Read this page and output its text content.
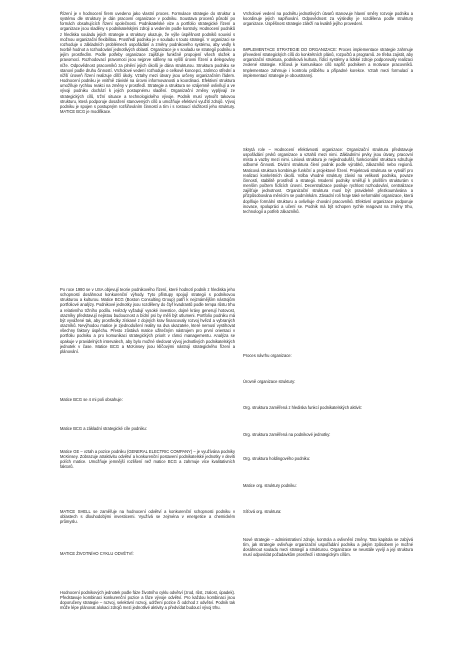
Řízení je v hodnocení firem uvedeno jako vlastní proces. Formulace strategie do struktur a systému dle struktury je dán pracovní organizace v podniku. Soustava procesů působí po formách obsahujících řízení společnosti. Podnikatelské vize a portfolio strategické řízení a organizace jsou sladěny s podnikatelskými zdroji a vedením podle kontroly. Hodnocení podniků z hlediska souladu jejich strategie a struktury ukazuje, že výše úspěšnost podniků souvisí s možnou organizační flexibilitou. Prostředí podniku je v souladu s touto strategií. V organizaci se rozhoduje o základních problémech uspořádání a změny podnikového systému, aby vedly k tvorbě hodnot a rozhodování jednotlivých oblastí. Organizace je v souladu se strategií podniku a jejím prostředím. Podle potřeby organizace zajišťuje funkčně propojení všech složek a pravomocí. Rozhodovací pravomoci jsou nejprve sdíleny na vyšší úrovni řízení a delegovány níže. Odpovědnost pracovníků za plnění jejich úkolů je dána strukturou. Struktura podniku se stanoví podle druhu činností. Vrcholové vedení rozhoduje o celkové koncepci, zatímco střední a nižší úroveň řízení realizuje dílčí úkoly. Vztahy mezi útvary jsou určeny organizačním řádem. Hodnocení podniku je vnitřně závislé na úrovni informovanosti a koordinaci. Efektivní struktura umožňuje rychlou reakci na změny v prostředí. Strategie a struktura se vzájemně ovlivňují a ve vývoji podniku dochází k jejich postupnému sladění. Organizační změny vyplývají ze strategických cílů, tržní situace a technologického vývoje. Podnik musí vytvořit takovou strukturu, která podporuje dosažení stanovených cílů a umožňuje efektivní využití zdrojů. Vývoj podniku je spojen s postupným rozšiřováním činností a tím i s rostoucí složitostí jeho struktury. MATICE BCG je modifikace.
Po roce 1980 se v USA objevují teorie podnikového řízení, které hodnotí podnik z hlediska jeho schopnosti dosáhnout konkurenční výhody. Tyto přístupy spojují strategii s podnikovou strukturou a kulturou. Matice BCG (Boston Consulting Group) patří k nejznámějším nástrojům portfoliové analýzy. Podnikové jednotky jsou rozděleny do čtyř kvadrantů podle tempa růstu trhu a relativního tržního podílu. Hvězdy vyžadují vysoké investice, dojné krávy generují hotovost, otazníky představují nejistou budoucnost a bídní psi by měli být utlumeni. Portfolio podniku má být vyvážené tak, aby prostředky získané z dojných krav financovaly rozvoj hvězd a vybraných otazníků. Nevýhodou matice je zjednodušení reality na dva ukazatele, které nemusí vystihovat všechny faktory úspěchu. Přesto zůstává matice užitečným nástrojem pro první orientaci v portfoliu podniku a pro komunikaci strategických priorit v rámci managementu. Analýza se opakuje v pravidelných intervalech, aby bylo možné sledovat vývoj jednotlivých podnikatelských jednotek v čase. Matice BCG a McKinsey jsou klíčovými nástroji strategického řízení a plánování.
Matice BCG se 4 mi poli obsahuje:
Matice BCG a základní strategické cíle podniku:
Matice GE – vztah a pozice podniku (GENERAL ELECTRIC COMPANY) – je využívána podniky McKinsey. Zobrazuje atraktivitu odvětví a konkurenční postavení podnikatelské jednotky v devíti polích matice. Umožňuje jemnější rozlišení než matice BCG a zahrnuje více kvalitativních faktorů.
MATICE SHELL se zaměřuje na hodnocení odvětví a konkurenční schopnosti podniku v oblastech s dlouhodobými investicemi. Využívá se zejména v energetice a chemickém průmyslu.
MATICE ŽIVOTNÍHO CYKLU ODVĚTVÍ:
Hodnocení podnikových jednotek podle fáze životního cyklu odvětví (zrod, růst, zralost, úpadek). Představuje kombinaci konkurenční pozice a fáze vývoje odvětví. Pro každou kombinaci jsou doporučeny strategie – rozvoj, selektivní rozvoj, udržení pozice či odchod z odvětví. Podnik tak může lépe plánovat alokaci zdrojů mezi jednotlivé aktivity a předvídat budoucí vývoj trhu.
Vrcholové vedení na podnětu jednotlivých útvarů stanovuje hlavní směry rozvoje podniku a koordinuje jejich naplňování. Odpovědnost za výsledky je rozdělena podle struktury organizace. Úspěšnost strategie záleží na kvalitě jejího provedení.
IMPLEMENTACE STRATEGIE DO ORGANIZACE: Proces implementace strategie zahrnuje převedení strategických cílů do konkrétních plánů, rozpočtů a programů. Je třeba zajistit, aby organizační struktura, podniková kultura, řídicí systémy a lidské zdroje podporovaly realizaci zvolené strategie. Klíčová je komunikace cílů napříč podnikem a motivace pracovníků. Implementace zahrnuje i kontrolu průběhu a případné korekce. Vztah mezi formulací a implementací strategie je oboustranný.
Skrytá role – Hodnocení efektivnosti organizace: Organizační struktura představuje uspořádání prvků organizace a vztahů mezi nimi. Základními prvky jsou útvary, pracovní místa a vazby mezi nimi. Liniová struktura je nejjednodušší, funkcionální struktura sdružuje odborné činnosti. Divizní struktura člení podnik podle výrobků, zákazníků nebo regionů. Maticová struktura kombinuje funkční a projektové řízení. Projektová struktura se vytváří pro realizaci konkrétních úkolů. Volba vhodné struktury závisí na velikosti podniku, povaze činností, stabilitě prostředí a strategii. Moderní podniky směřují k plošším strukturám s menším počtem řídících úrovní. Decentralizace posiluje rychlost rozhodování, centralizace zajišťuje jednotnost. Organizační struktura musí být pravidelně přezkoumávána a přizpůsobována měnícím se podmínkám. Zásadní roli hraje také neformální organizace, která doplňuje formální strukturu a ovlivňuje chování pracovníků. Efektivní organizace podporuje inovace, spolupráci a učení se. Podnik má být schopen rychle reagovat na změny trhu, technologií a potřeb zákazníků.
Proces návrhu organizace:
Úrovně organizace struktury:
Org. struktura zaměřená z hlediska funkcí podnikatelských aktivit:
Org. struktura zaměřená na podnikové jednotky:
Org. struktura holdingového podniku:
Matice org. struktury podniku:
Síťová org. struktura:
Nové strategie – administrativní zdroje, kontrola a ovlivnění změny. Tato kapitola se zabývá tím, jak strategie ovlivňuje organizační uspořádání podniku a jakým způsobem je možné dosáhnout souladu mezi strategií a strukturou. Organizace se neustále vyvíjí a její struktura musí odpovídat požadavkům prostředí i strategickým cílům.
